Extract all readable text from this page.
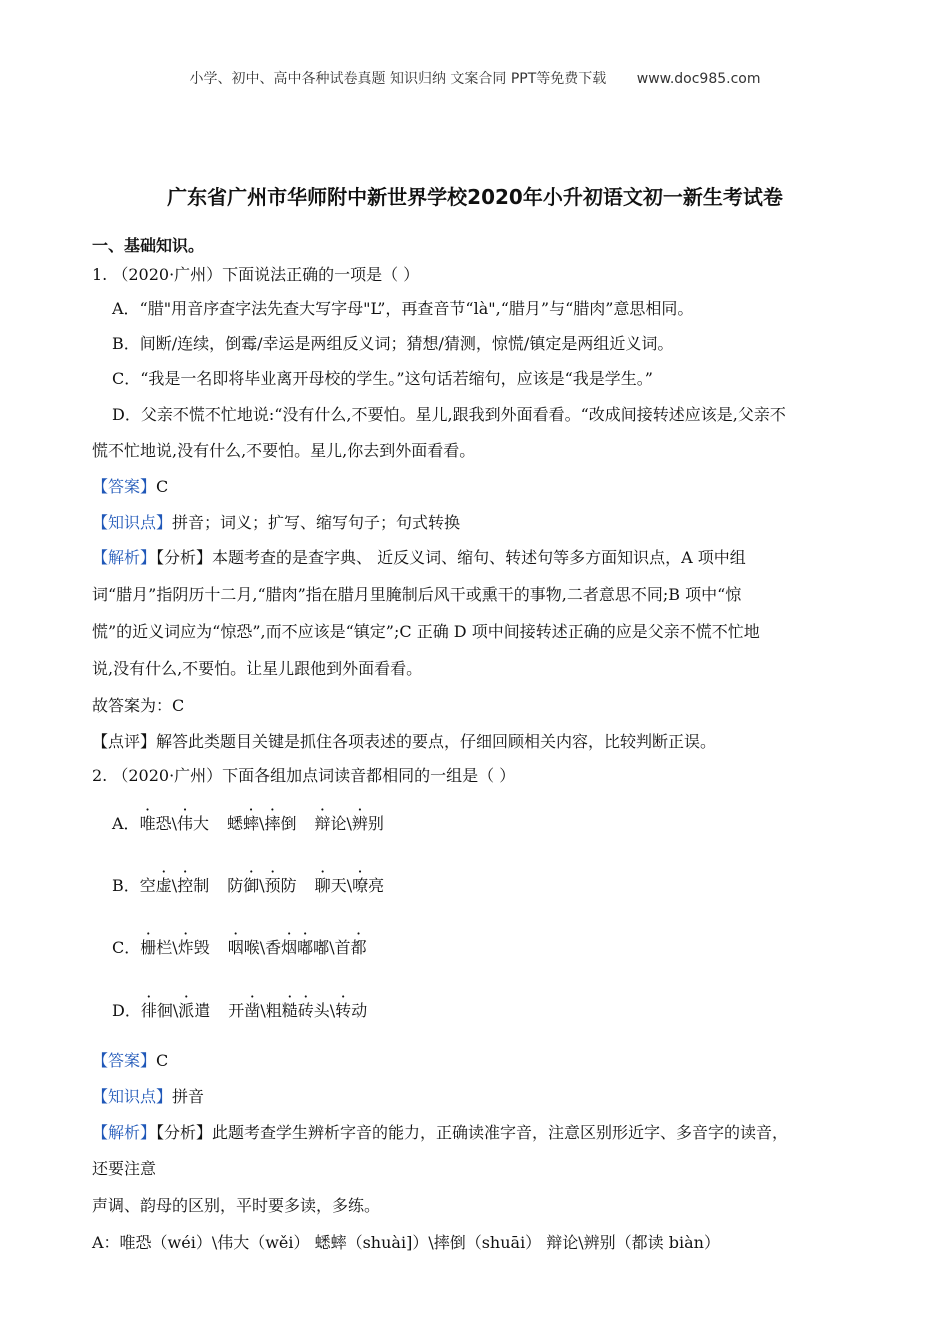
小学、初中、高中各种试卷真题 知识归纳 文案合同 PPT等免费下载 www.doc985.com
广东省广州市华师附中新世界学校2020年小升初语文初一新生考试卷
一、基础知识。
1. （2020·广州）下面说法正确的一项是（ ）
A．“腊"用音序查字法先查大写字母"L”，再查音节“là",“腊月”与“腊肉”意思相同。
B．间断/连续，倒霉/幸运是两组反义词；猜想/猜测，惊慌/镇定是两组近义词。
C．“我是一名即将毕业离开母校的学生。”这句话若缩句，应该是“我是学生。”
D．父亲不慌不忙地说:“没有什么,不要怕。星儿,跟我到外面看看。“改成间接转述应该是,父亲不
慌不忙地说,没有什么,不要怕。星儿,你去到外面看看。
【答案】C
【知识点】拼音；词义；扩写、缩写句子；句式转换
【解析】【分析】本题考查的是查字典、 近反义词、缩句、转述句等多方面知识点，A 项中组
词“腊月”指阴历十二月,“腊肉”指在腊月里腌制后风干或熏干的事物,二者意思不同;B 项中“惊
慌”的近义词应为“惊恐”,而不应该是“镇定”;C 正确 D 项中间接转述正确的应是父亲不慌不忙地
说,没有什么,不要怕。让星儿跟他到外面看看。
故答案为：C
【点评】解答此类题目关键是抓住各项表述的要点，仔细回顾相关内容，比较判断正误。
2. （2020·广州）下面各组加点词读音都相同的一组是（ ）
A．唯恐\伟大 蟋蟀\摔倒 辩论\辨别
B．空虚\控制 防御\预防 聊天\嘹亮
C．栅栏\炸毁 咽喉\香烟嘟嘟\首都
D．徘徊\派遣 开凿\粗糙砖头\转动
【答案】C
【知识点】拼音
【解析】【分析】此题考查学生辨析字音的能力，正确读准字音，注意区别形近字、多音字的读音，
还要注意
声调、韵母的区别，平时要多读，多练。
A：唯恐（wéi）\伟大（wěi） 蟋蟀（shuài]）\摔倒（shuāi） 辩论\辨别（都读 biàn）
